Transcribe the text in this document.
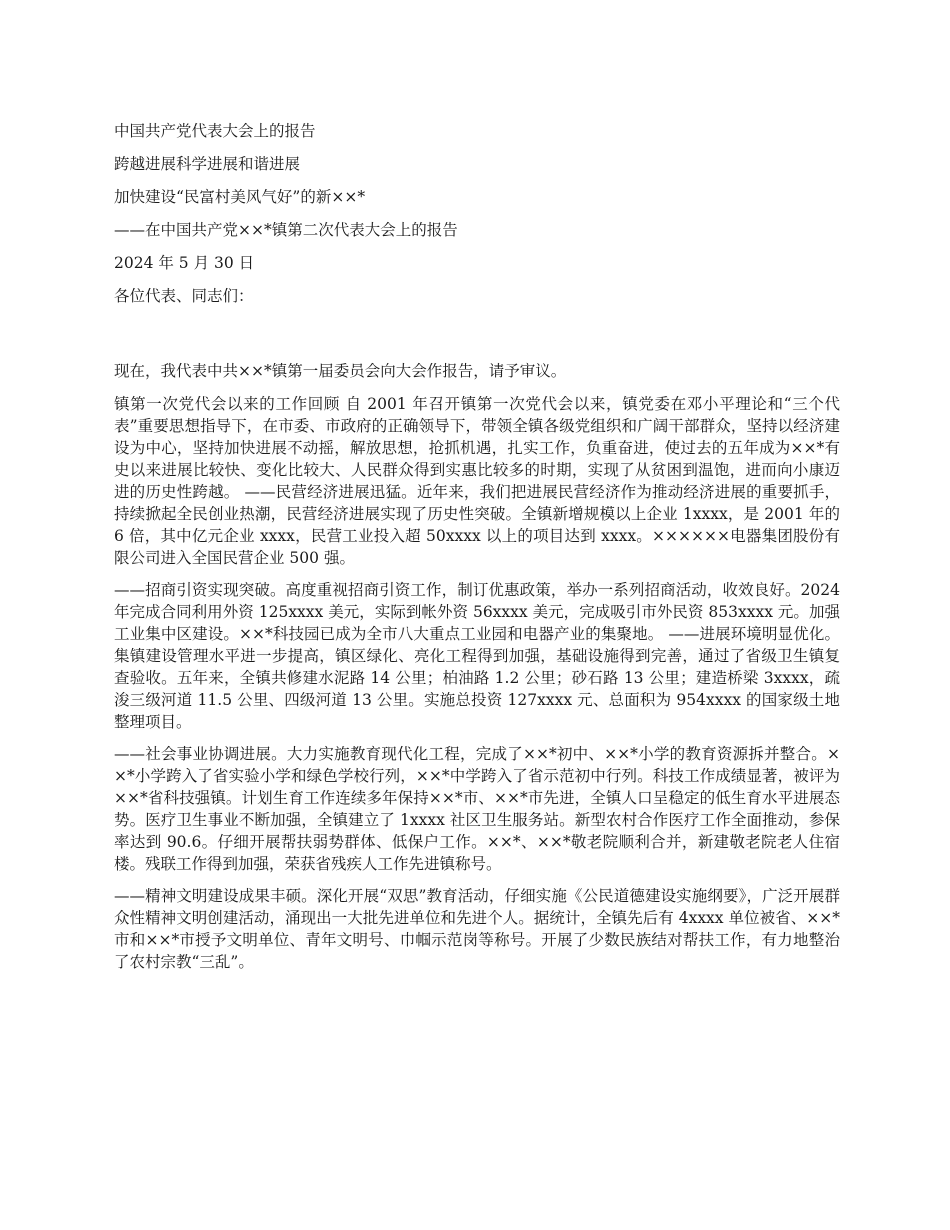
中国共产党代表大会上的报告
跨越进展科学进展和谐进展
加快建设“民富村美风气好”的新××*
——在中国共产党××*镇第二次代表大会上的报告
2024 年 5 月 30 日
各位代表、同志们：

现在，我代表中共××*镇第一届委员会向大会作报告，请予审议。

镇第一次党代会以来的工作回顾 自 2001 年召开镇第一次党代会以来，镇党委在邓小平理论和“三个代表”重要思想指导下，在市委、市政府的正确领导下，带领全镇各级党组织和广阔干部群众，坚持以经济建设为中心，坚持加快进展不动摇，解放思想，抢抓机遇，扎实工作，负重奋进，使过去的五年成为××*有史以来进展比较快、变化比较大、人民群众得到实惠比较多的时期，实现了从贫困到温饱，进而向小康迈进的历史性跨越。 ——民营经济进展迅猛。近年来，我们把进展民营经济作为推动经济进展的重要抓手，持续掀起全民创业热潮，民营经济进展实现了历史性突破。全镇新增规模以上企业 1xxxx，是 2001 年的 6 倍，其中亿元企业 xxxx，民营工业投入超 50xxxx 以上的项目达到 xxxx。××××××电器集团股份有限公司进入全国民营企业 500 强。

——招商引资实现突破。高度重视招商引资工作，制订优惠政策，举办一系列招商活动，收效良好。2024 年完成合同利用外资 125xxxx 美元，实际到帐外资 56xxxx 美元，完成吸引市外民资 853xxxx 元。加强工业集中区建设。××*科技园已成为全市八大重点工业园和电器产业的集聚地。 ——进展环境明显优化。集镇建设管理水平进一步提高，镇区绿化、亮化工程得到加强，基础设施得到完善，通过了省级卫生镇复查验收。五年来，全镇共修建水泥路 14 公里；柏油路 1.2 公里；砂石路 13 公里；建造桥梁 3xxxx，疏浚三级河道 11.5 公里、四级河道 13 公里。实施总投资 127xxxx 元、总面积为 954xxxx 的国家级土地整理项目。

——社会事业协调进展。大力实施教育现代化工程，完成了××*初中、××*小学的教育资源拆并整合。××*小学跨入了省实验小学和绿色学校行列，××*中学跨入了省示范初中行列。科技工作成绩显著，被评为××*省科技强镇。计划生育工作连续多年保持××*市、××*市先进，全镇人口呈稳定的低生育水平进展态势。医疗卫生事业不断加强，全镇建立了 1xxxx 社区卫生服务站。新型农村合作医疗工作全面推动，参保率达到 90.6。仔细开展帮扶弱势群体、低保户工作。××*、××*敬老院顺利合并，新建敬老院老人住宿楼。残联工作得到加强，荣获省残疾人工作先进镇称号。

——精神文明建设成果丰硕。深化开展“双思”教育活动，仔细实施《公民道德建设实施纲要》，广泛开展群众性精神文明创建活动，涌现出一大批先进单位和先进个人。据统计，全镇先后有 4xxxx 单位被省、××*市和××*市授予文明单位、青年文明号、巾帼示范岗等称号。开展了少数民族结对帮扶工作，有力地整治了农村宗教“三乱”。
